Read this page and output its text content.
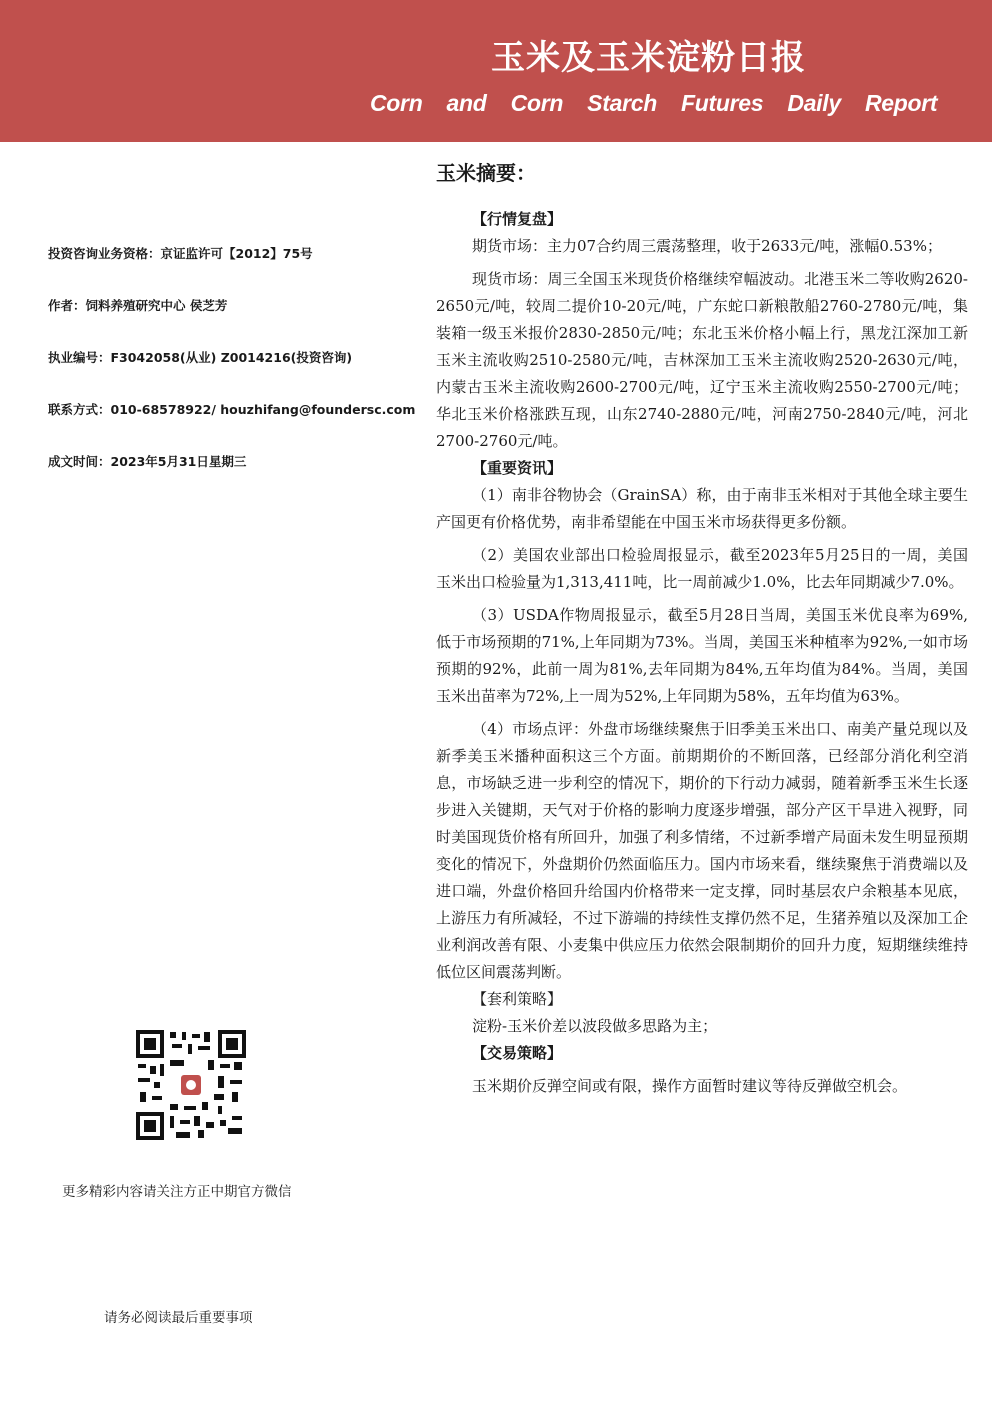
玉米及玉米淀粉日报
Corn and Corn Starch Futures Daily Report

投资咨询业务资格：京证监许可【2012】75号

作者：饲料养殖研究中心 侯芝芳

执业编号：F3042058(从业) Z0014216(投资咨询)

联系方式：010-68578922/ houzhifang@foundersc.com

成文时间：2023年5月31日星期三

更多精彩内容请关注方正中期官方微信
请务必阅读最后重要事项
玉米摘要：

【行情复盘】

期货市场：主力07合约周三震荡整理，收于2633元/吨，涨幅0.53%；

现货市场：周三全国玉米现货价格继续窄幅波动。北港玉米二等收购2620-2650元/吨，较周二提价10-20元/吨，广东蛇口新粮散船2760-2780元/吨，集装箱一级玉米报价2830-2850元/吨；东北玉米价格小幅上行，黑龙江深加工新玉米主流收购2510-2580元/吨，吉林深加工玉米主流收购2520-2630元/吨，内蒙古玉米主流收购2600-2700元/吨，辽宁玉米主流收购2550-2700元/吨；华北玉米价格涨跌互现，山东2740-2880元/吨，河南2750-2840元/吨，河北2700-2760元/吨。

【重要资讯】

（1）南非谷物协会（GrainSA）称，由于南非玉米相对于其他全球主要生产国更有价格优势，南非希望能在中国玉米市场获得更多份额。

（2）美国农业部出口检验周报显示，截至2023年5月25日的一周，美国玉米出口检验量为1,313,411吨，比一周前减少1.0%，比去年同期减少7.0%。

（3）USDA作物周报显示，截至5月28日当周，美国玉米优良率为69%,低于市场预期的71%,上年同期为73%。当周，美国玉米种植率为92%,一如市场预期的92%，此前一周为81%,去年同期为84%,五年均值为84%。当周，美国玉米出苗率为72%,上一周为52%,上年同期为58%，五年均值为63%。

（4）市场点评：外盘市场继续聚焦于旧季美玉米出口、南美产量兑现以及新季美玉米播种面积这三个方面。前期期价的不断回落，已经部分消化利空消息，市场缺乏进一步利空的情况下，期价的下行动力减弱，随着新季玉米生长逐步进入关键期，天气对于价格的影响力度逐步增强，部分产区干旱进入视野，同时美国现货价格有所回升，加强了利多情绪，不过新季增产局面未发生明显预期变化的情况下，外盘期价仍然面临压力。国内市场来看，继续聚焦于消费端以及进口端，外盘价格回升给国内价格带来一定支撑，同时基层农户余粮基本见底，上游压力有所减轻，不过下游端的持续性支撑仍然不足，生猪养殖以及深加工企业利润改善有限、小麦集中供应压力依然会限制期价的回升力度，短期继续维持低位区间震荡判断。

【套利策略】

淀粉-玉米价差以波段做多思路为主；

【交易策略】

玉米期价反弹空间或有限，操作方面暂时建议等待反弹做空机会。
